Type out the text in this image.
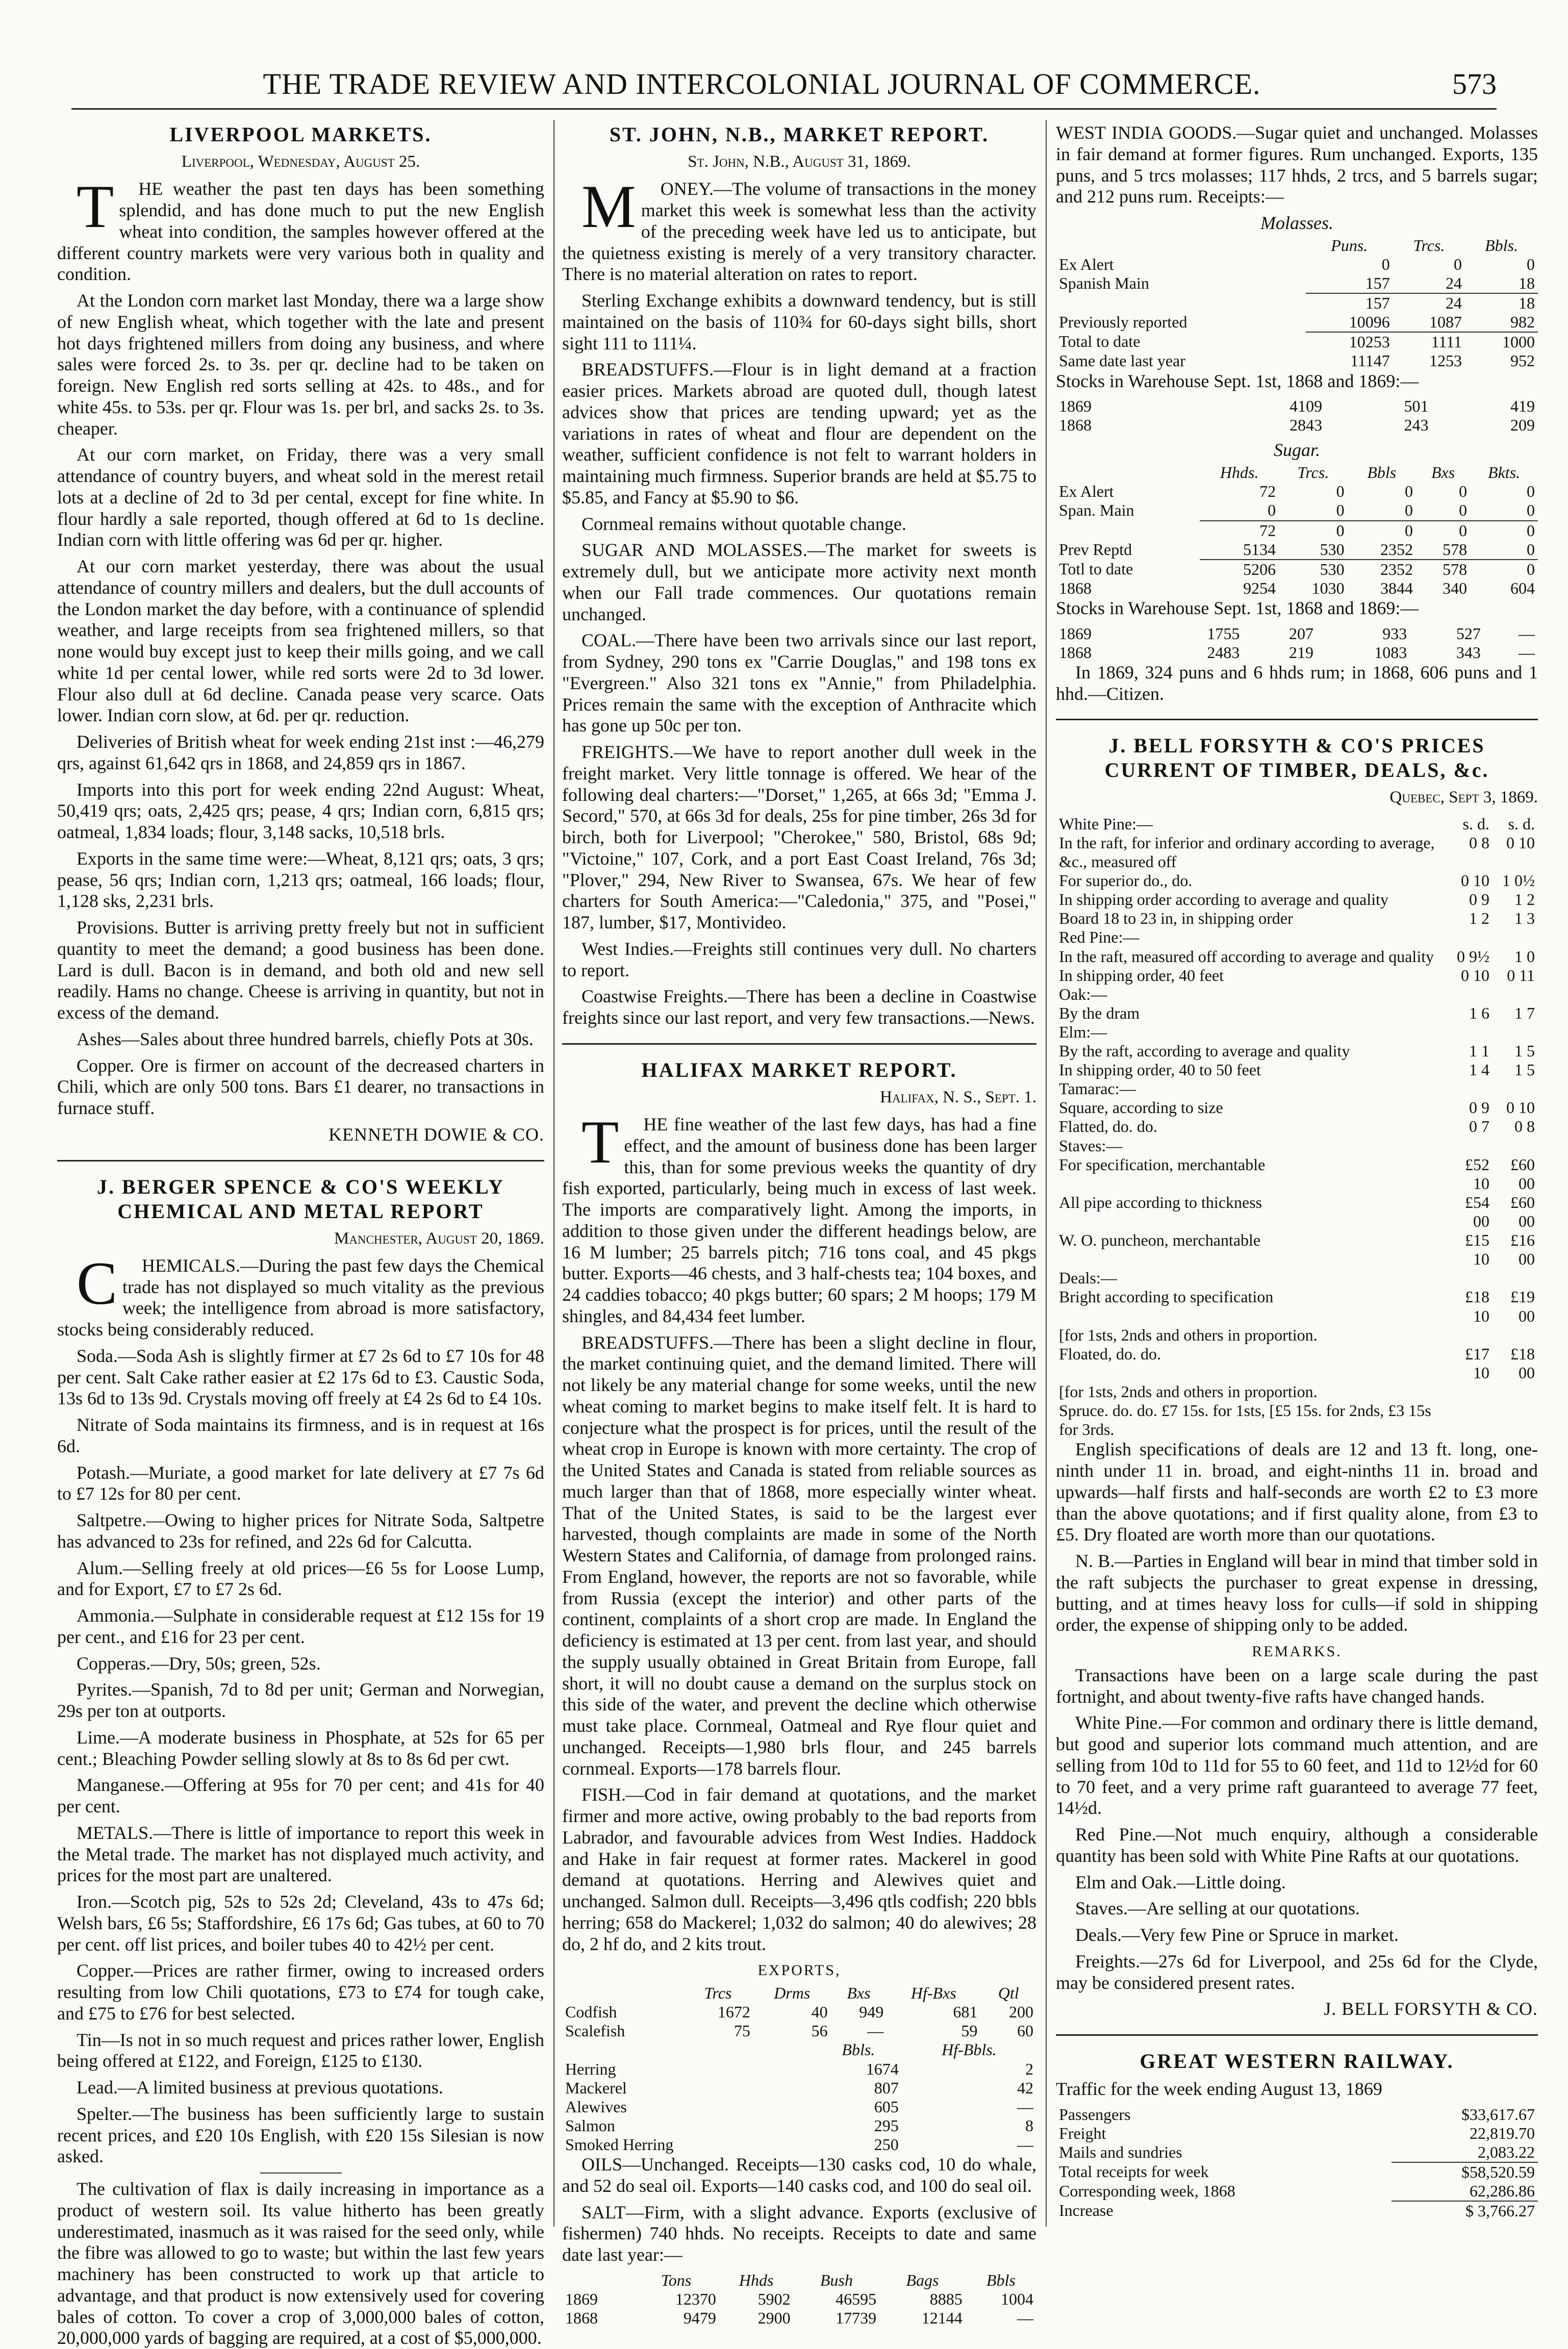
THE TRADE REVIEW AND INTERCOLONIAL JOURNAL OF COMMERCE.	573
LIVERPOOL MARKETS.
Liverpool, Wednesday, August 25.

THE weather the past ten days has been something splendid, and has done much to put the new English wheat into condition, the samples however offered at the different country markets were very various both in quality and condition.

At the London corn market last Monday, there wa a large show of new English wheat, which together with the late and present hot days frightened millers from doing any business, and where sales were forced 2s. to 3s. per qr. decline had to be taken on foreign. New English red sorts selling at 42s. to 48s., and for white 45s. to 53s. per qr. Flour was 1s. per brl, and sacks 2s. to 3s. cheaper.

At our corn market, on Friday, there was a very small attendance of country buyers, and wheat sold in the merest retail lots at a decline of 2d to 3d per cental, except for fine white. In flour hardly a sale reported, though offered at 6d to 1s decline. Indian corn with little offering was 6d per qr. higher.

At our corn market yesterday, there was about the usual attendance of country millers and dealers, but the dull accounts of the London market the day before, with a continuance of splendid weather, and large receipts from sea frightened millers, so that none would buy except just to keep their mills going, and we call white 1d per cental lower, while red sorts were 2d to 3d lower. Flour also dull at 6d decline. Canada pease very scarce. Oats lower. Indian corn slow, at 6d. per qr. reduction.

Deliveries of British wheat for week ending 21st inst :—46,279 qrs, against 61,642 qrs in 1868, and 24,859 qrs in 1867.

Imports into this port for week ending 22nd August: Wheat, 50,419 qrs; oats, 2,425 qrs; pease, 4 qrs; Indian corn, 6,815 qrs; oatmeal, 1,834 loads; flour, 3,148 sacks, 10,518 brls.

Exports in the same time were:—Wheat, 8,121 qrs; oats, 3 qrs; pease, 56 qrs; Indian corn, 1,213 qrs; oatmeal, 166 loads; flour, 1,128 sks, 2,231 brls.

Provisions. Butter is arriving pretty freely but not in sufficient quantity to meet the demand; a good business has been done. Lard is dull. Bacon is in demand, and both old and new sell readily. Hams no change. Cheese is arriving in quantity, but not in excess of the demand.

Ashes—Sales about three hundred barrels, chiefly Pots at 30s.

Copper. Ore is firmer on account of the decreased charters in Chili, which are only 500 tons. Bars £1 dearer, no transactions in furnace stuff.

KENNETH DOWIE & CO.
J. BERGER SPENCE & CO'S WEEKLY CHEMICAL AND METAL REPORT
Manchester, August 20, 1869.

CHEMICALS.—During the past few days the Chemical trade has not displayed so much vitality as the previous week; the intelligence from abroad is more satisfactory, stocks being considerably reduced.

Soda.—Soda Ash is slightly firmer at £7 2s 6d to £7 10s for 48 per cent. Salt Cake rather easier at £2 17s 6d to £3. Caustic Soda, 13s 6d to 13s 9d. Crystals moving off freely at £4 2s 6d to £4 10s.

Nitrate of Soda maintains its firmness, and is in request at 16s 6d.

Potash.—Muriate, a good market for late delivery at £7 7s 6d to £7 12s for 80 per cent.

Saltpetre.—Owing to higher prices for Nitrate Soda, Saltpetre has advanced to 23s for refined, and 22s 6d for Calcutta.

Alum.—Selling freely at old prices—£6 5s for Loose Lump, and for Export, £7 to £7 2s 6d.

Ammonia.—Sulphate in considerable request at £12 15s for 19 per cent., and £16 for 23 per cent.

Copperas.—Dry, 50s; green, 52s.

Pyrites.—Spanish, 7d to 8d per unit; German and Norwegian, 29s per ton at outports.

Lime.—A moderate business in Phosphate, at 52s for 65 per cent.; Bleaching Powder selling slowly at 8s to 8s 6d per cwt.

Manganese.—Offering at 95s for 70 per cent; and 41s for 40 per cent.

METALS.—There is little of importance to report this week in the Metal trade. The market has not displayed much activity, and prices for the most part are unaltered.

Iron.—Scotch pig, 52s to 52s 2d; Cleveland, 43s to 47s 6d; Welsh bars, £6 5s; Staffordshire, £6 17s 6d; Gas tubes, at 60 to 70 per cent. off list prices, and boiler tubes 40 to 42½ per cent.

Copper.—Prices are rather firmer, owing to increased orders resulting from low Chili quotations, £73 to £74 for tough cake, and £75 to £76 for best selected.

Tin—Is not in so much request and prices rather lower, English being offered at £122, and Foreign, £125 to £130.

Lead.—A limited business at previous quotations.

Spelter.—The business has been sufficiently large to sustain recent prices, and £20 10s English, with £20 15s Silesian is now asked.

The cultivation of flax is daily increasing in importance as a product of western soil. Its value hitherto has been greatly underestimated, inasmuch as it was raised for the seed only, while the fibre was allowed to go to waste; but within the last few years machinery has been constructed to work up that article to advantage, and that product is now extensively used for covering bales of cotton. To cover a crop of 3,000,000 bales of cotton, 20,000,000 yards of bagging are required, at a cost of $5,000,000.

ST. JOHN, N.B., MARKET REPORT.
St. John, N.B., August 31, 1869.

MONEY.—The volume of transactions in the money market this week is somewhat less than the activity of the preceding week have led us to anticipate, but the quietness existing is merely of a very transitory character. There is no material alteration on rates to report.

Sterling Exchange exhibits a downward tendency, but is still maintained on the basis of 110¾ for 60-days sight bills, short sight 111 to 111¼.

BREADSTUFFS.—Flour is in light demand at a fraction easier prices. Markets abroad are quoted dull, though latest advices show that prices are tending upward; yet as the variations in rates of wheat and flour are dependent on the weather, sufficient confidence is not felt to warrant holders in maintaining much firmness. Superior brands are held at $5.75 to $5.85, and Fancy at $5.90 to $6.

Cornmeal remains without quotable change.

SUGAR AND MOLASSES.—The market for sweets is extremely dull, but we anticipate more activity next month when our Fall trade commences. Our quotations remain unchanged.

COAL.—There have been two arrivals since our last report, from Sydney, 290 tons ex "Carrie Douglas," and 198 tons ex "Evergreen." Also 321 tons ex "Annie," from Philadelphia. Prices remain the same with the exception of Anthracite which has gone up 50c per ton.

FREIGHTS.—We have to report another dull week in the freight market. Very little tonnage is offered. We hear of the following deal charters:—"Dorset," 1,265, at 66s 3d; "Emma J. Secord," 570, at 66s 3d for deals, 25s for pine timber, 26s 3d for birch, both for Liverpool; "Cherokee," 580, Bristol, 68s 9d; "Victoine," 107, Cork, and a port East Coast Ireland, 76s 3d; "Plover," 294, New River to Swansea, 67s. We hear of few charters for South America:—"Caledonia," 375, and "Posei," 187, lumber, $17, Montivideo.

West Indies.—Freights still continues very dull. No charters to report.

Coastwise Freights.—There has been a decline in Coastwise freights since our last report, and very few transactions.—News.

HALIFAX MARKET REPORT.
Halifax, N. S., Sept. 1.

THE fine weather of the last few days, has had a fine effect, and the amount of business done has been larger this, than for some previous weeks the quantity of dry fish exported, particularly, being much in excess of last week. The imports are comparatively light. Among the imports, in addition to those given under the different headings below, are 16 M lumber; 25 barrels pitch; 716 tons coal, and 45 pkgs butter. Exports—46 chests, and 3 half-chests tea; 104 boxes, and 24 caddies tobacco; 40 pkgs butter; 60 spars; 2 M hoops; 179 M shingles, and 84,434 feet lumber.

BREADSTUFFS.—There has been a slight decline in flour, the market continuing quiet, and the demand limited. There will not likely be any material change for some weeks, until the new wheat coming to market begins to make itself felt. It is hard to conjecture what the prospect is for prices, until the result of the wheat crop in Europe is known with more certainty. The crop of the United States and Canada is stated from reliable sources as much larger than that of 1868, more especially winter wheat. That of the United States, is said to be the largest ever harvested, though complaints are made in some of the North Western States and California, of damage from prolonged rains. From England, however, the reports are not so favorable, while from Russia (except the interior) and other parts of the continent, complaints of a short crop are made. In England the deficiency is estimated at 13 per cent. from last year, and should the supply usually obtained in Great Britain from Europe, fall short, it will no doubt cause a demand on the surplus stock on this side of the water, and prevent the decline which otherwise must take place. Cornmeal, Oatmeal and Rye flour quiet and unchanged. Receipts—1,980 brls flour, and 245 barrels cornmeal. Exports—178 barrels flour.

FISH.—Cod in fair demand at quotations, and the market firmer and more active, owing probably to the bad reports from Labrador, and favourable advices from West Indies. Haddock and Hake in fair request at former rates. Mackerel in good demand at quotations. Herring and Alewives quiet and unchanged. Salmon dull. Receipts—3,496 qtls codfish; 220 bbls herring; 658 do Mackerel; 1,032 do salmon; 40 do alewives; 28 do, 2 hf do, and 2 kits trout.

EXPORTS,
	Trcs	Drms	Bxs	Hf-Bxs	Qtl
Codfish	1672	40	949	681	200
Scalefish	75	56	—	59	60
	Bbls.	Hf-Bbls.
Herring	1674	2
Mackerel	807	42
Alewives	605	—
Salmon	295	8
Smoked Herring	250	—

OILS—Unchanged. Receipts—130 casks cod, 10 do whale, and 52 do seal oil. Exports—140 casks cod, and 100 do seal oil.

SALT—Firm, with a slight advance. Exports (exclusive of fishermen) 740 hhds. No receipts. Receipts to date and same date last year:—

	Tons	Hhds	Bush	Bags	Bbls
1869	12370	5902	46595	8885	1004
1868	9479	2900	17739	12144	—

WEST INDIA GOODS.—Sugar quiet and unchanged. Molasses in fair demand at former figures. Rum unchanged. Exports, 135 puns, and 5 trcs molasses; 117 hhds, 2 trcs, and 5 barrels sugar; and 212 puns rum. Receipts:—

Molasses.
	Puns.	Trcs.	Bbls.
Ex Alert	0	0	0
Spanish Main	157	24	18
	157	24	18
Previously reported	10096	1087	982
Total to date	10253	1111	1000
Same date last year	11147	1253	952

Stocks in Warehouse Sept. 1st, 1868 and 1869:—

1869	4109	501	419
1868	2843	243	209
Sugar.
	Hhds.	Trcs.	Bbls	Bxs	Bkts.
Ex Alert	72	0	0	0	0
Span. Main	0	0	0	0	0
	72	0	0	0	0
Prev Reptd	5134	530	2352	578	0
Totl to date	5206	530	2352	578	0
1868	9254	1030	3844	340	604

Stocks in Warehouse Sept. 1st, 1868 and 1869:—

1869	1755	207	933	527	—
1868	2483	219	1083	343	—

In 1869, 324 puns and 6 hhds rum; in 1868, 606 puns and 1 hhd.—Citizen.

J. BELL FORSYTH & CO'S PRICES CURRENT OF TIMBER, DEALS, &c.
Quebec, Sept 3, 1869.
White Pine:—	s. d.	s. d.
In the raft, for inferior and ordinary according to average, &c., measured off	0 8	0 10
For superior do., do.	0 10	1 0½
In shipping order according to average and quality	0 9	1 2
Board 18 to 23 in, in shipping order	1 2	1 3
Red Pine:—		
In the raft, measured off according to average and quality	0 9½	1 0
In shipping order, 40 feet	0 10	0 11
Oak:—		
By the dram	1 6	1 7
Elm:—		
By the raft, according to average and quality	1 1	1 5
In shipping order, 40 to 50 feet	1 4	1 5
Tamarac:—		
Square, according to size	0 9	0 10
Flatted, do. do.	0 7	0 8
Staves:—		
For specification, merchantable	£52 10	£60 00
All pipe according to thickness	£54 00	£60 00
W. O. puncheon, merchantable	£15 10	£16 00
Deals:—		
Bright according to specification	£18 10	£19 00
[for 1sts, 2nds and others in proportion.		
Floated, do. do.	£17 10	£18 00
[for 1sts, 2nds and others in proportion.		
Spruce. do. do. £7 15s. for 1sts, [£5 15s. for 2nds, £3 15s for 3rds.		

English specifications of deals are 12 and 13 ft. long, one-ninth under 11 in. broad, and eight-ninths 11 in. broad and upwards—half firsts and half-seconds are worth £2 to £3 more than the above quotations; and if first quality alone, from £3 to £5. Dry floated are worth more than our quotations.

N. B.—Parties in England will bear in mind that timber sold in the raft subjects the purchaser to great expense in dressing, butting, and at times heavy loss for culls—if sold in shipping order, the expense of shipping only to be added.

REMARKS.

Transactions have been on a large scale during the past fortnight, and about twenty-five rafts have changed hands.

White Pine.—For common and ordinary there is little demand, but good and superior lots command much attention, and are selling from 10d to 11d for 55 to 60 feet, and 11d to 12½d for 60 to 70 feet, and a very prime raft guaranteed to average 77 feet, 14½d.

Red Pine.—Not much enquiry, although a considerable quantity has been sold with White Pine Rafts at our quotations.

Elm and Oak.—Little doing.

Staves.—Are selling at our quotations.

Deals.—Very few Pine or Spruce in market.

Freights.—27s 6d for Liverpool, and 25s 6d for the Clyde, may be considered present rates.

J. BELL FORSYTH & CO.
GREAT WESTERN RAILWAY.

Traffic for the week ending August 13, 1869

Passengers	$33,617.67
Freight	22,819.70
Mails and sundries	2,083.22
Total receipts for week	$58,520.59
Corresponding week, 1868	62,286.86
Increase	$ 3,766.27
